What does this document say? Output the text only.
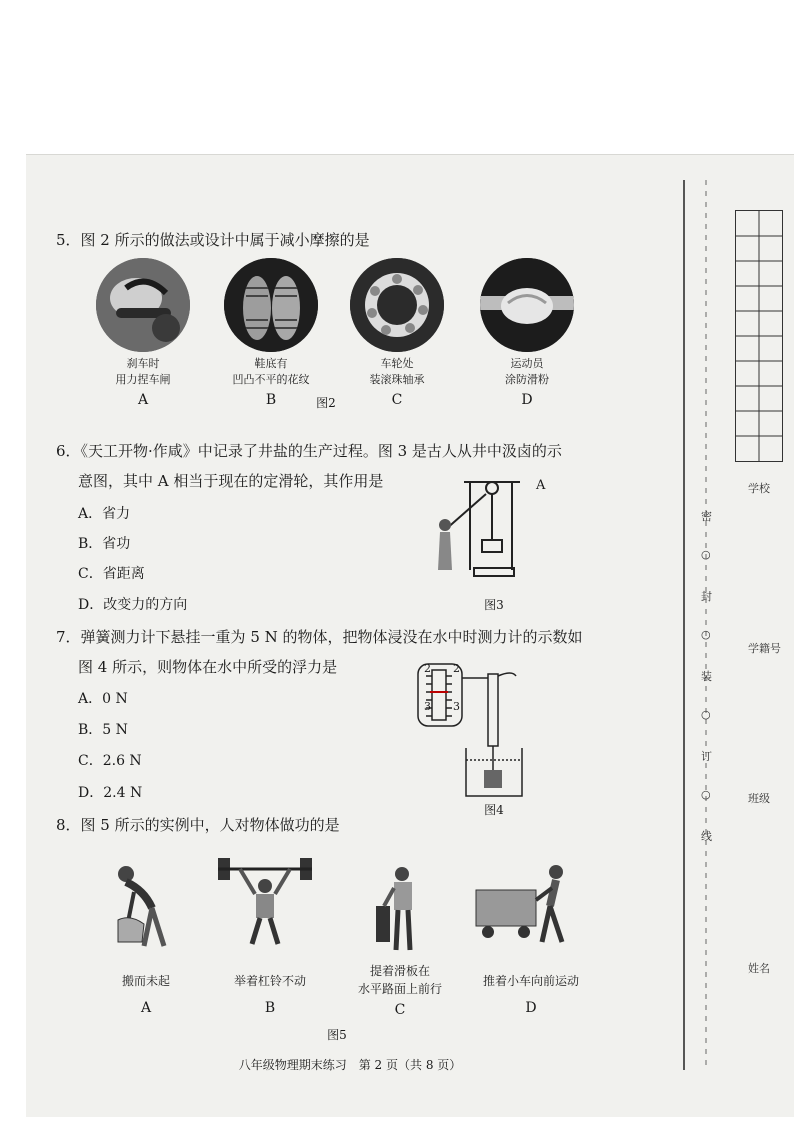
5．图 2 所示的做法或设计中属于减小摩擦的是
刹车时
用力捏车闸
A
鞋底有
凹凸不平的花纹
B
车轮处
装滚珠轴承
C
运动员
涂防滑粉
D
图2
6．《天工开物·作咸》中记录了井盐的生产过程。图 3 是古人从井中汲卤的示
意图，其中 A 相当于现在的定滑轮，其作用是
A．省力
B．省功
C．省距离
D．改变力的方向
A
图3
7．弹簧测力计下悬挂一重为 5 N 的物体，把物体浸没在水中时测力计的示数如
图 4 所示，则物体在水中所受的浮力是
A．0 N
B．5 N
C．2.6 N
D．2.4 N
2
3
2
3
图4
8．图 5 所示的实例中，人对物体做功的是
搬而未起
A
举着杠铃不动
B
提着滑板在
水平路面上前行
C
推着小车向前运动
D
图5
八年级物理期末练习　第 2 页（共 8 页）
密
○
封
○
装
○
订
○
线
学校
学籍号
班级
姓名
